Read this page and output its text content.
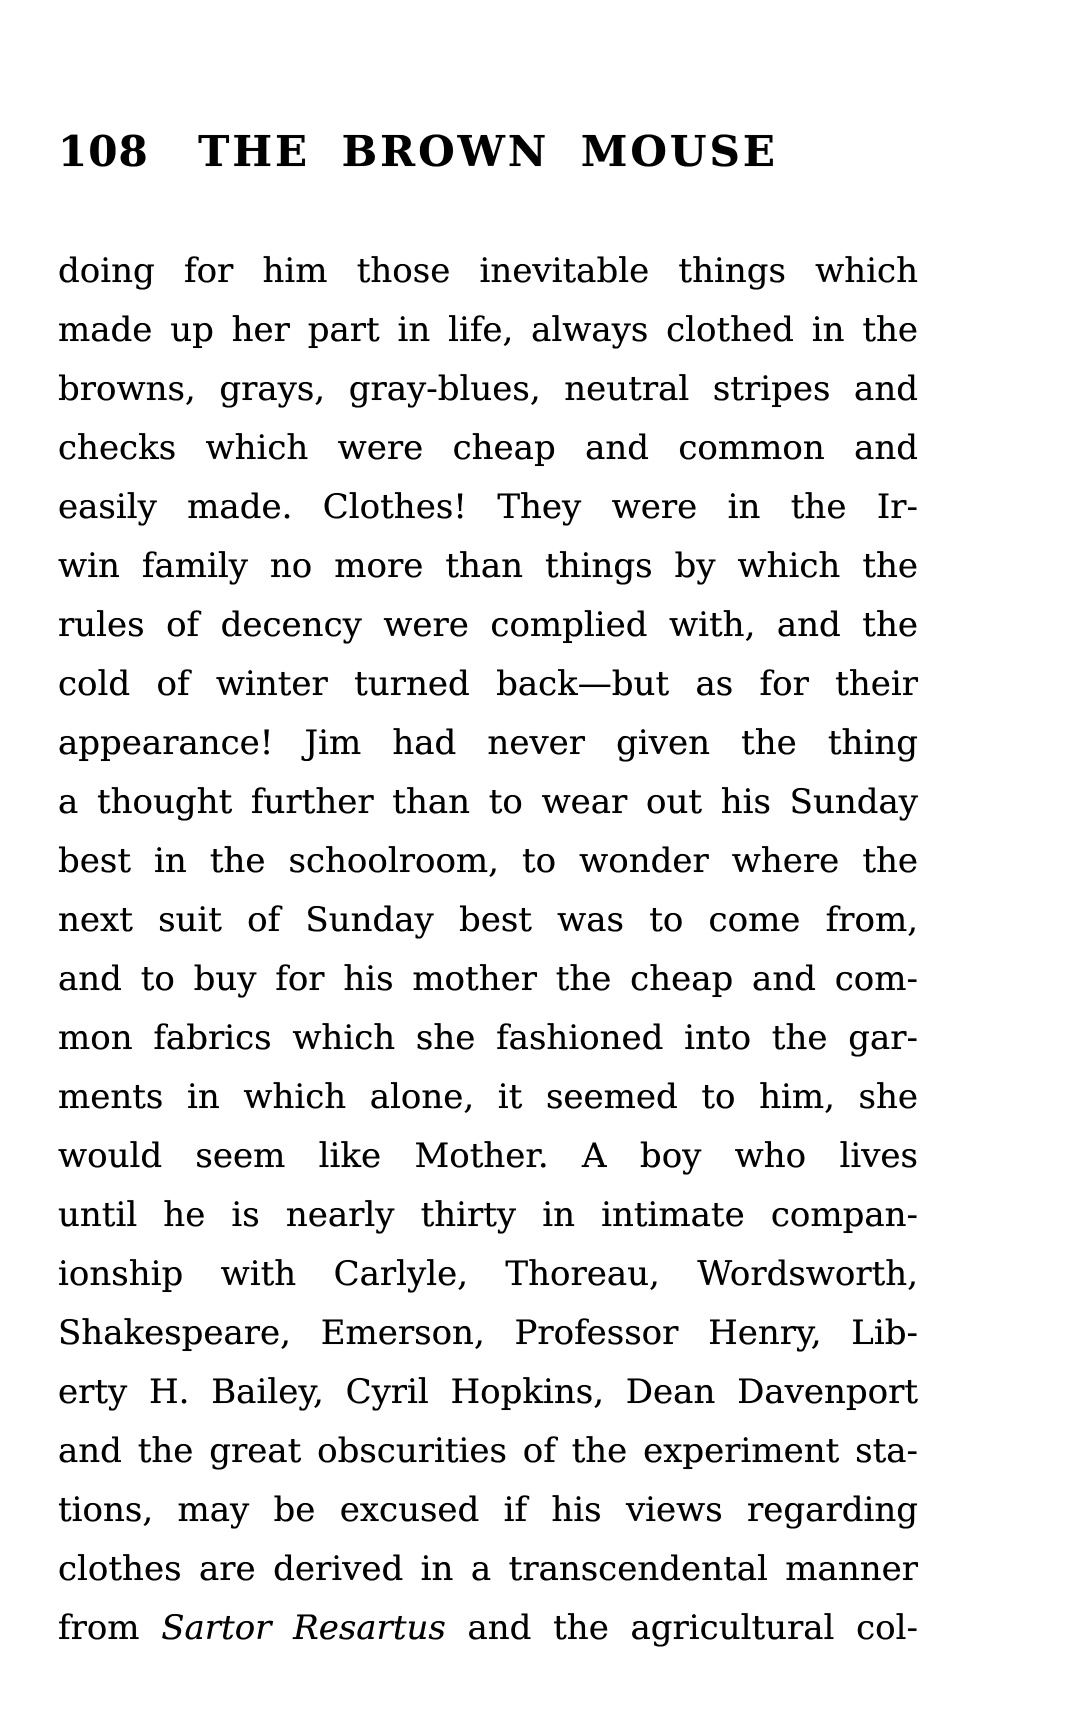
108 THE BROWN MOUSE
doing for him those inevitable things which
made up her part in life, always clothed in the
browns, grays, gray-blues, neutral stripes and
checks which were cheap and common and
easily made. Clothes! They were in the Ir-
win family no more than things by which the
rules of decency were complied with, and the
cold of winter turned back—but as for their
appearance! Jim had never given the thing
a thought further than to wear out his Sunday
best in the schoolroom, to wonder where the
next suit of Sunday best was to come from,
and to buy for his mother the cheap and com-
mon fabrics which she fashioned into the gar-
ments in which alone, it seemed to him, she
would seem like Mother. A boy who lives
until he is nearly thirty in intimate compan-
ionship with Carlyle, Thoreau, Wordsworth,
Shakespeare, Emerson, Professor Henry, Lib-
erty H. Bailey, Cyril Hopkins, Dean Davenport
and the great obscurities of the experiment sta-
tions, may be excused if his views regarding
clothes are derived in a transcendental manner
from Sartor Resartus and the agricultural col-
